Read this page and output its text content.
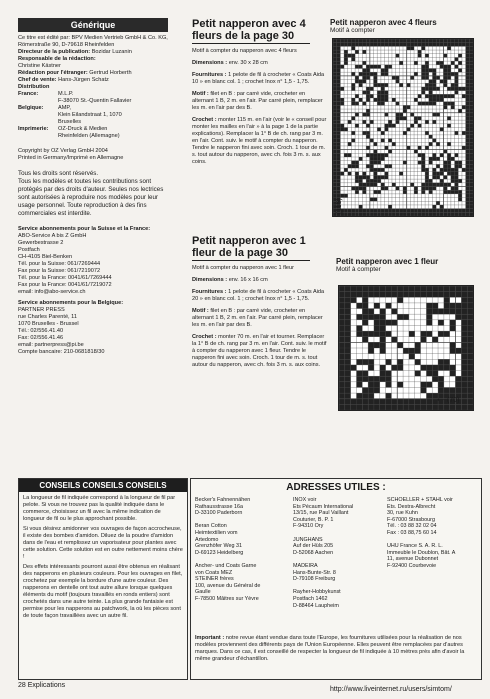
Générique
Ce titre est édité par: BPV Medien Vertrieb GmbH & Co. KG, Römerstraße 90, D-79618 Rheinfelden
Directeur de la publication: Bozidar Luzanin
Responsable de la rédaction:
Christine Kästner
Rédaction pour l'étranger: Gertrud Horberth
Chef de vente: Hans-Jürgen Schatz
Distribution
France:	M.L.P.
F-38070 St.-Quentin Fallavier
Belgique:	AMP,
Klein Eilandstraat 1, 1070
Bruxelles
Imprimerie:	OZ-Druck & Medien
Rheinfelden (Allemagne)
Copyright by OZ Verlag GmbH 2004
Printed in Germany/Imprimé en Allemagne
Tous les droits sont réservés.
Tous les modèles et toutes les contributions sont protégés par des droits d'auteur. Seules nos lectrices sont autorisées à reproduire nos modèles pour leur usage personnel. Toute reproduction à des fins commerciales est interdite.
Service abonnements pour la Suisse et la France:
ABO-Service A bis Z GmbH
Gewerbestrasse 2
Postfach
CH-4105 Biel-Benken
Tél. pour la Suisse: 061/7269444
Fax pour la Suisse: 061/7219072
Tél. pour la France: 0041/61/7269444
Fax pour la France: 0041/61/7219072
email: info@abo-service.ch
Service abonnements pour la Belgique:
PARTNER PRESS
rue Charles Parenté, 11
1070 Bruxelles - Brussel
Tél.: 02/556.41.40
Fax: 02/556.41.46
email: partnerpress@pi.be
Compte bancaire: 210-0681818/30
Petit napperon avec 4 fleurs de la page 30
Motif à compter du napperon avec 4 fleurs
Dimensions : env. 30 x 28 cm
Fournitures : 1 pelote de fil à crocheter « Coats Aida 10 » en blanc col. 1 ; crochet Inox n° 1,5 - 1,75.
Motif : filet en B : par carré vide, crocheter en alternant 1 B, 2 m. en l'air. Par carré plein, remplacer les m. en l'air par des B.
Crochet : monter 115 m. en l'air (voir le « conseil pour monter les mailles en l'air » à la page 1 de la partie explications). Remplacer la 1° B de ch. rang par 3 m. en l'air. Cont. suiv. le motif à compter du napperon. Tendre le napperon fini avec soin. Croch. 1 tour de m. s. tout autour du napperon, avec ch. fois 3 m. s. aux coins.
Petit napperon avec 1 fleur de la page 30
Motif à compter du napperon avec 1 fleur
Dimensions : env. 16 x 16 cm
Fournitures : 1 pelote de fil à crocheter « Coats Aida 20 » en blanc col. 1 ; crochet Inox n° 1,5 - 1,75.
Motif : filet en B : par carré vide, crocheter en alternant 1 B, 2 m. en l'air. Par carré plein, remplacer les m. en l'air par des B.
Crochet : monter 70 m. en l'air et tourner. Remplacer la 1° B de ch. rang par 3 m. en l'air. Cont. suiv. le motif à compter du napperon avec 1 fleur. Tendre le napperon fini avec soin. Croch. 1 tour de m. s. tout autour du napperon, avec ch. fois 3 m. s. aux coins.
Petit napperon avec 4 fleurs
Motif à compter
(115)
Petit napperon avec 1 fleur
Motif à compter
⟵(70)
CONSEILS CONSEILS CONSEILS
La longueur de fil indiquée correspond à la longueur de fil par pelote. Si vous ne trouvez pas la qualité indiquée dans le commerce, choisissez un fil avec la même indication de longueur de fil ou le plus approchant possible.
Si vous désirez amidonner vos ouvrages de façon accrocheuse, il existe des bombes d'amidon. Diluez de la poudre d'amidon dans de l'eau et remplissez un vaporisateur pour plantes avec cette solution. Cette solution est en outre nettement moins chère !
Des effets intéressants pourront aussi être obtenus en réalisant des napperons en plusieurs couleurs. Pour les ouvrages en filet, crochetez par exemple la bordure d'une autre couleur. Des napperons en dentelle ont tout autre allure lorsque quelques éléments du motif (toujours travaillés en ronds entiers) sont crochetés dans une autre teinte. La plus grande fantaisie est permise pour les napperons au patchwork, la où les pièces sont de toute façon travaillées avec un autre fil.
ADRESSES UTILES :
Becker's Fahnennähen
Rathausstrasse 16a
D-33100 Paderborn

Beran Cotton
Heimtextilien vom
Artedomo
Grenzhöfer Weg 31
D-69123 Heidelberg

Ancher- und Coats Garne
von Coats MEZ
STEINER frères
100, avenue du Général de
Gaulle
F-78500 Mâitres sur Yèvre
INOX voir
Ets Pécaum International
13/15, rue Paul Vaillant
Couturier, B. P. 1
F-94310 Ory

JUNGHANS
Auf der Hüls 205
D-52068 Aachen

MADEIRA
Hans-Bunte-Str. 8
D-79108 Freiburg

Rayher-Hobbykunst
Postfach 1462
D-88464 Laupheim
SCHOELLER + STAHL voir
Ets. Destra-Albrecht
30, rue Kuhn
F-67000 Strasbourg
Tél. : 03 88 32 02 04
Fax : 03 88,75 60 14

UHU France S. A. R. L.
Immeuble le Doublon, Bât. A
11, avenue Dubonnet
F-92400 Courbevoie
Important : notre revue étant vendue dans toute l'Europe, les fournitures utilisées pour la réalisation de nos modèles proviennent des différents pays de l'Union Européenne. Elles peuvent être remplacées par d'autres marques. Dans ce cas, il est conseillé de respecter la longueur de fil indiquée à 10 mètres près afin d'avoir la même grandeur d'échantillon.
28 Explications
http://www.liveinternet.ru/users/simtom/
